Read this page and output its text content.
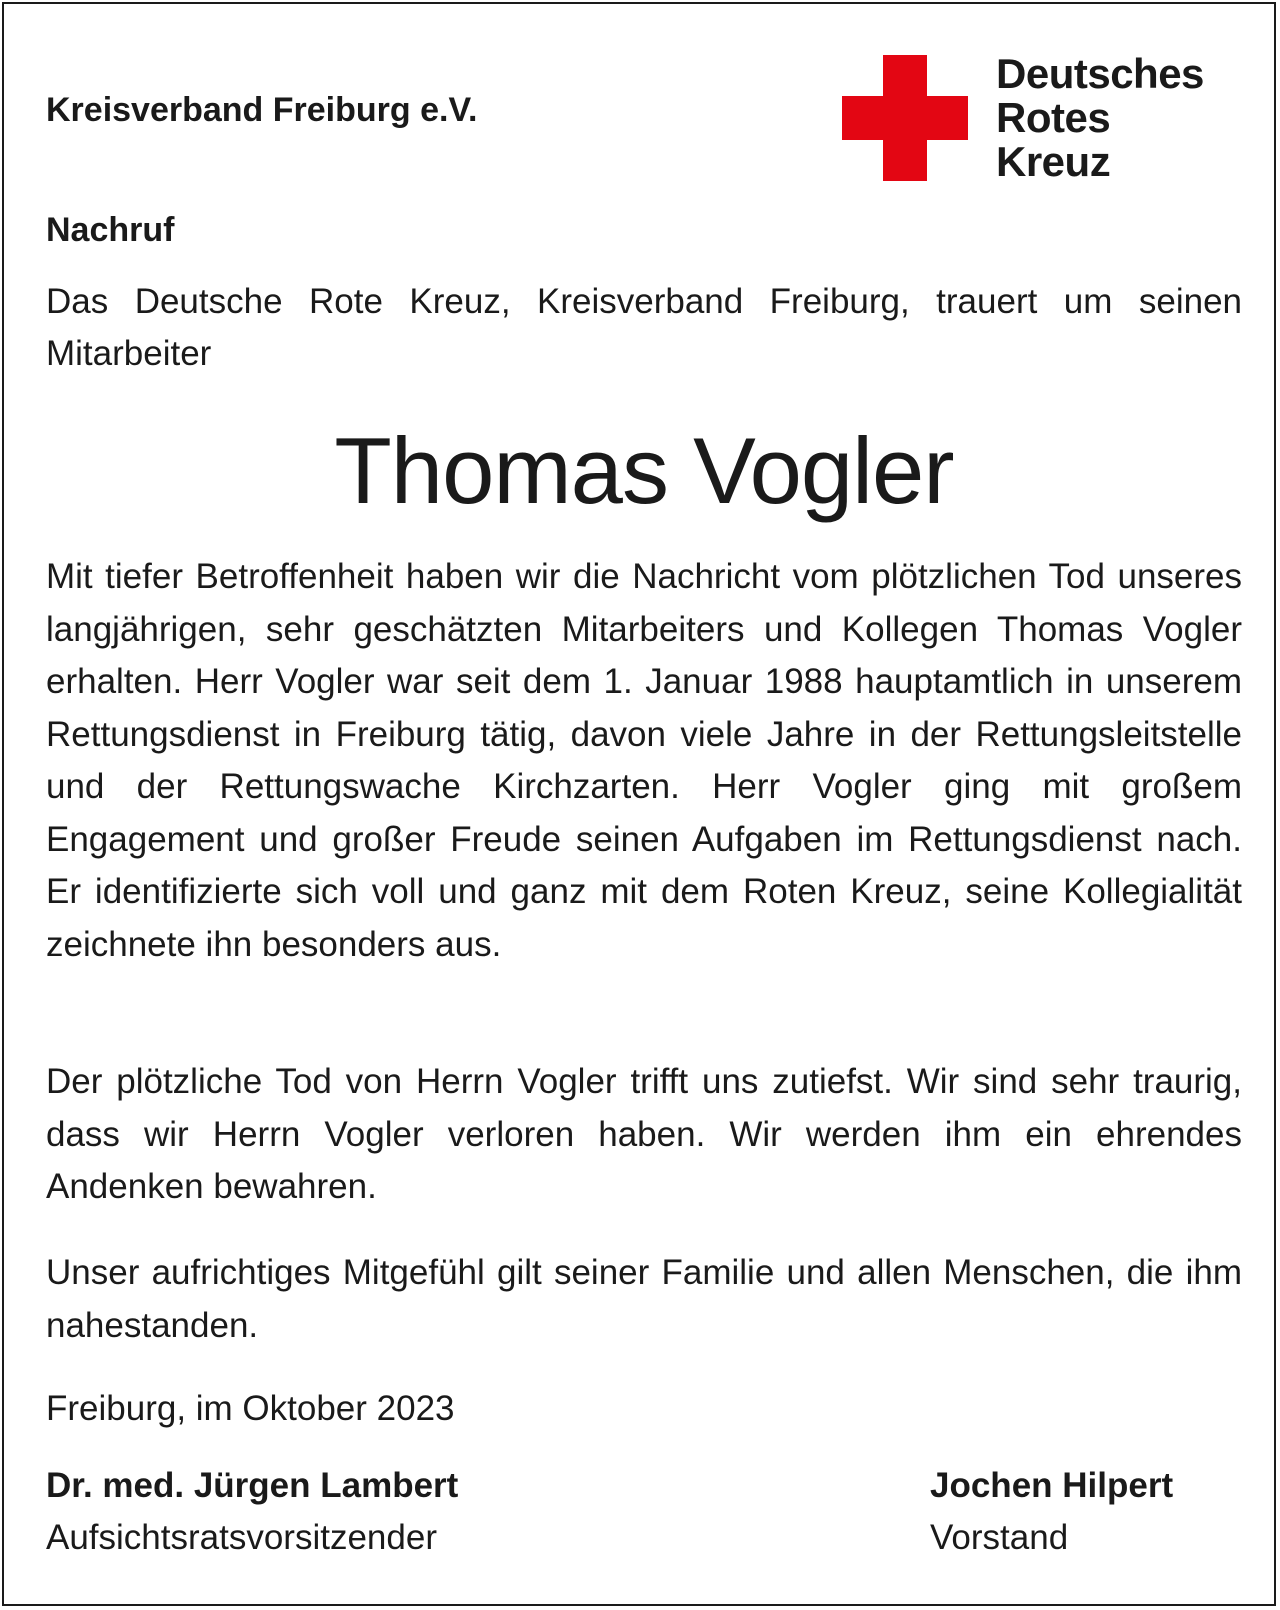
Kreisverband Freiburg e.V.
Deutsches
Rotes
Kreuz
Nachruf
Das Deutsche Rote Kreuz, Kreisverband Freiburg, trauert um seinen Mitarbeiter
Thomas Vogler
Mit tiefer Betroffenheit haben wir die Nachricht vom plötzlichen Tod unseres langjährigen, sehr geschätzten Mitarbeiters und Kollegen Thomas Vogler erhalten. Herr Vogler war seit dem 1. Januar 1988 hauptamtlich in unserem Rettungsdienst in Freiburg tätig, davon viele Jahre in der Rettungsleitstelle und der Rettungswache Kirchzarten. Herr Vogler ging mit großem Engagement und großer Freude seinen Aufgaben im Rettungsdienst nach. Er identifizierte sich voll und ganz mit dem Roten Kreuz, seine Kollegialität zeichnete ihn besonders aus.
Der plötzliche Tod von Herrn Vogler trifft uns zutiefst. Wir sind sehr traurig, dass wir Herrn Vogler verloren haben. Wir werden ihm ein ehrendes Andenken bewahren.
Unser aufrichtiges Mitgefühl gilt seiner Familie und allen Menschen, die ihm nahestanden.
Freiburg, im Oktober 2023
Dr. med. Jürgen Lambert
Aufsichtsratsvorsitzender
Jochen Hilpert
Vorstand
